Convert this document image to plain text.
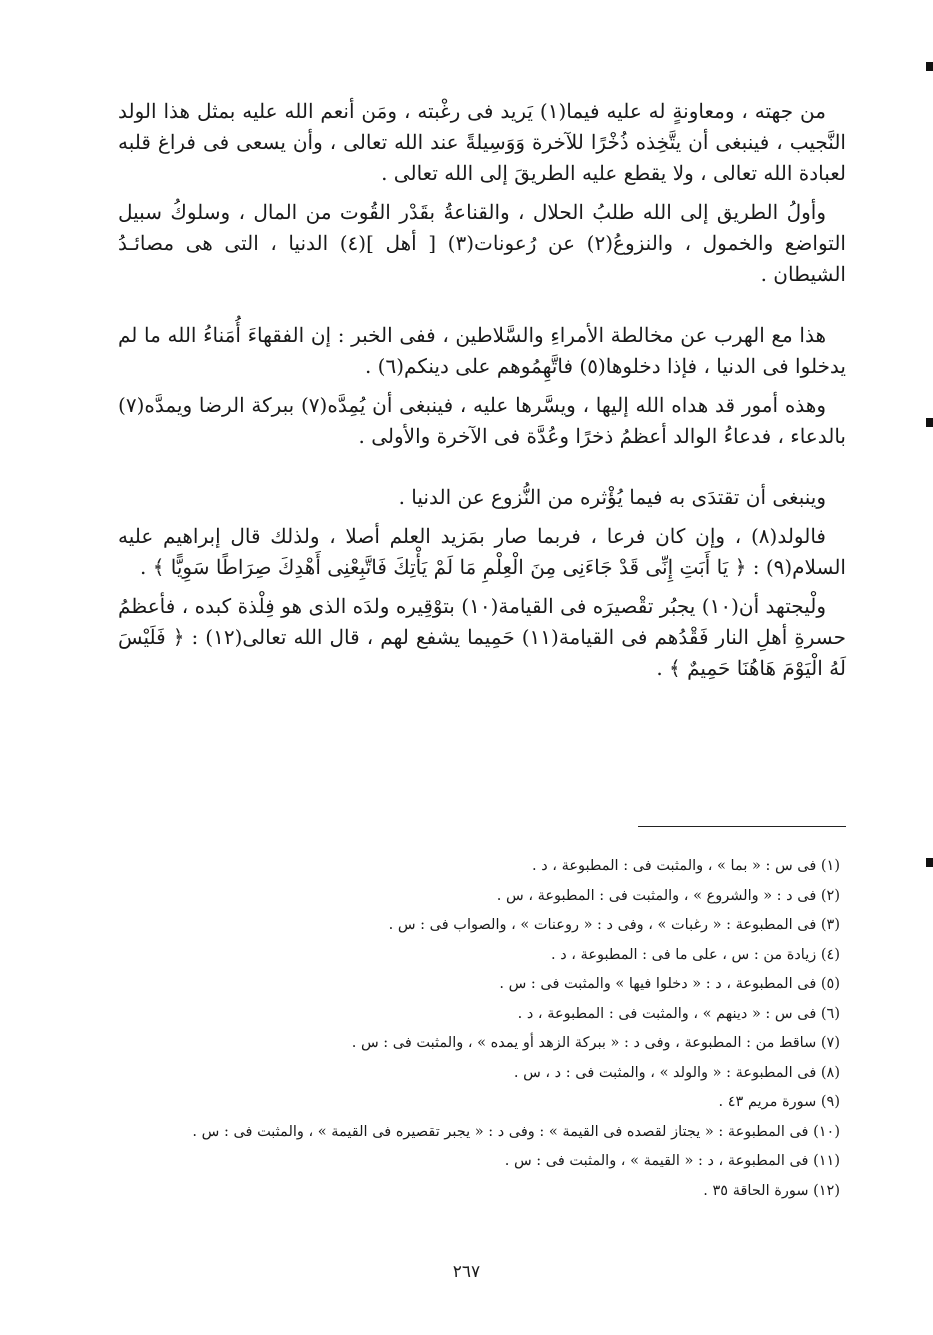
من جهته ، ومعاونةٍ له عليه فيما(١) يَريد فى رغْبته ، ومَن أنعم الله عليه بمثل هذا الولد النَّجيب ، فينبغى أن يتَّخِذه ذُخْرًا للآخرة وَوَسِيلةً عند الله تعالى ، وأن يسعى فى فراغ قلبه لعبادة الله تعالى ، ولا يقطع عليه الطريقَ إلى الله تعالى .

وأولُ الطريق إلى الله طلبُ الحلال ، والقناعةُ بقَدْر القُوت من المال ، وسلوكُ سبيل التواضع والخمول ، والنزوعُ(٢) عن رُعونات(٣) [ أهل ](٤) الدنيا ، التى هى مصائـدُ الشيطان .

هذا مع الهرب عن مخالطة الأمراءِ والسَّلاطين ، ففى الخبر : إن الفقهاءَ أُمَناءُ الله ما لم يدخلوا فى الدنيا ، فإذا دخلوها(٥) فاتَّهِمُوهم على دينكم(٦) .

وهذه أمور قد هداه الله إليها ، ويسَّرها عليه ، فينبغى أن يُمِدَّه(٧) ببركة الرضا ويمدَّه(٧) بالدعاء ، فدعاءُ الوالد أعظمُ ذخرًا وعُدَّة فى الآخرة والأولى .

وينبغى أن تقتدَى به فيما يُؤْثره من النُّزوع عن الدنيا .

فالولد(٨) ، وإن كان فرعا ، فربما صار بمَزيد العلم أصلا ، ولذلك قال إبراهيم عليه السلام(٩) : ﴿ يَا أَبَتِ إِنِّى قَدْ جَاءَنِى مِنَ الْعِلْمِ مَا لَمْ يَأْتِكَ فَاتَّبِعْنِى أَهْدِكَ صِرَاطًا سَوِيًّا ﴾ .

ولْيجتهد أن(١٠) يجبُر تقْصيرَه فى القيامة(١٠) بتوْقِيره ولدَه الذى هو فِلْذة كبده ، فأعظمُ حسرةِ أهلِ النار فَقْدُهم فى القيامة(١١) حَمِيما يشفع لهم ، قال الله تعالى(١٢) : ﴿ فَلَيْسَ لَهُ الْيَوْمَ هَاهُنَا حَمِيمٌ ﴾ .

(١) فى س : « بما » ، والمثبت فى : المطبوعة ، د .
(٢) فى د : « والشروع » ، والمثبت فى : المطبوعة ، س .
(٣) فى المطبوعة : « رغبات » ، وفى د : « روعنات » ، والصواب فى : س .
(٤) زيادة من : س ، على ما فى : المطبوعة ، د .
(٥) فى المطبوعة ، د : « دخلوا فيها » والمثبت فى : س .
(٦) فى س : « دينهم » ، والمثبت فى : المطبوعة ، د .
(٧) ساقط من : المطبوعة ، وفى د : « ببركة الزهد أو يمده » ، والمثبت فى : س .
(٨) فى المطبوعة : « والولد » ، والمثبت فى : د ، س .
(٩) سورة مريم ٤٣ .
(١٠) فى المطبوعة : « يجتاز لقصده فى القيمة » : وفى د : « يجبر تقصيره فى القيمة » ، والمثبت فى : س .
(١١) فى المطبوعة ، د : « القيمة » ، والمثبت فى : س .
(١٢) سورة الحاقة ٣٥ .
٢٦٧
